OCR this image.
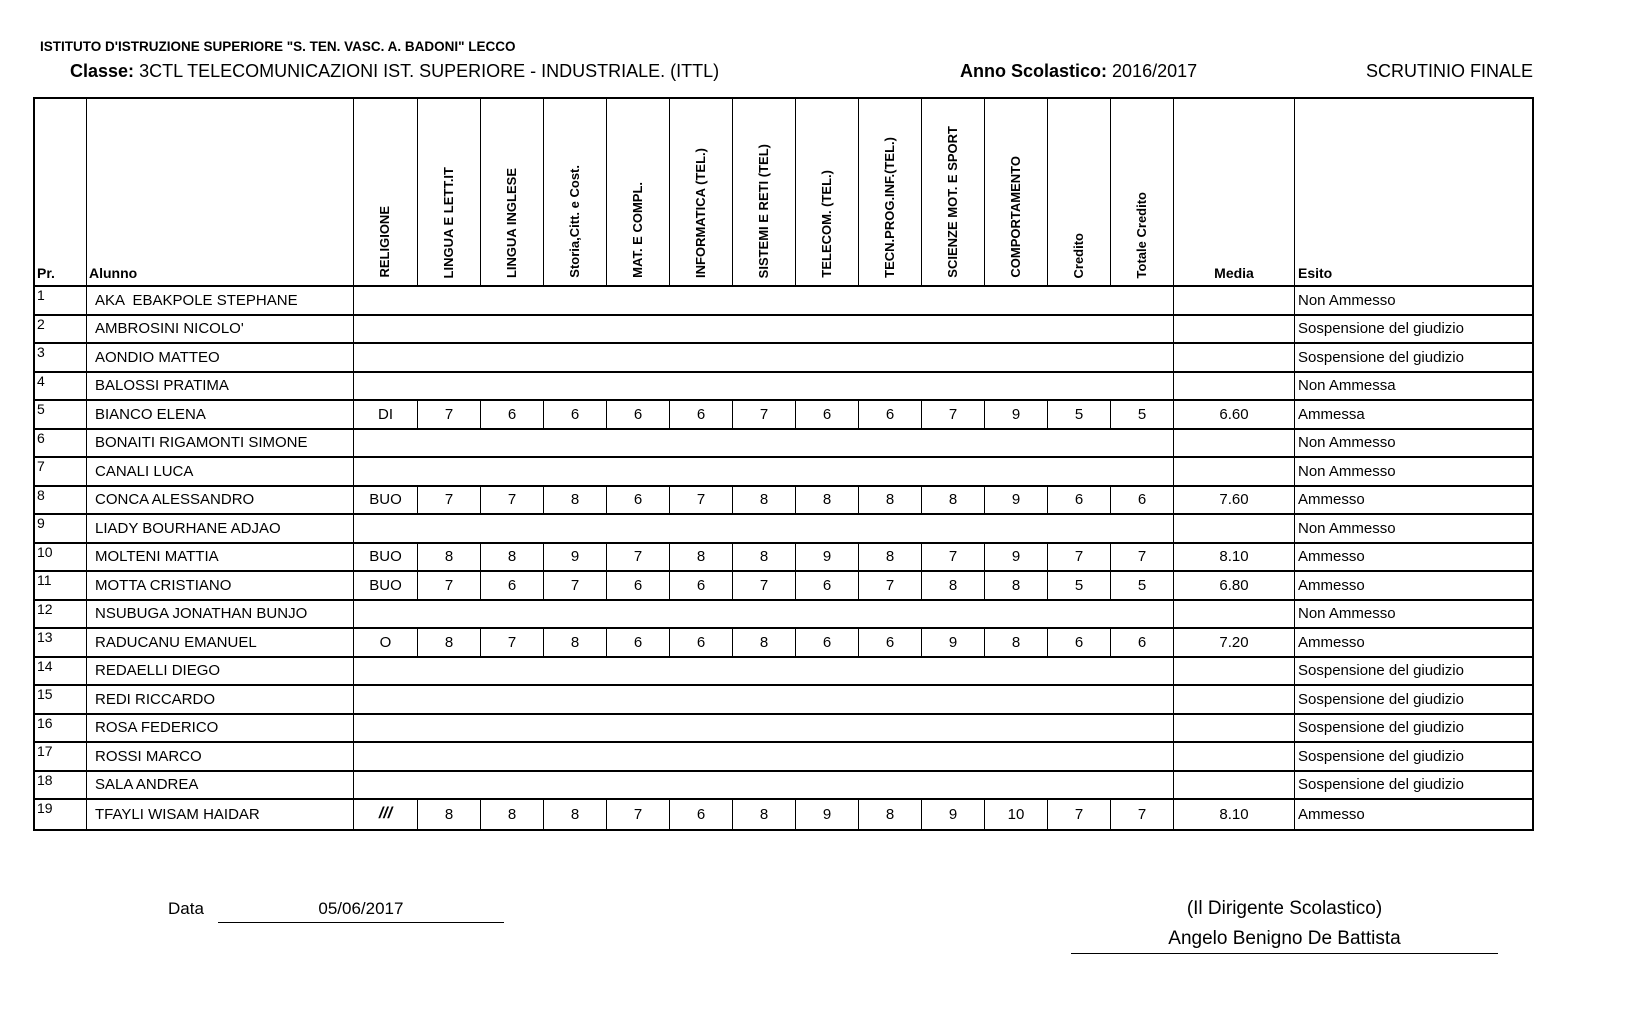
ISTITUTO D'ISTRUZIONE SUPERIORE "S. TEN. VASC. A. BADONI" LECCO
Classe: 3CTL TELECOMUNICAZIONI IST. SUPERIORE - INDUSTRIALE. (ITTL)	Anno Scolastico: 2016/2017	SCRUTINIO FINALE
Pr.	Alunno	RELIGIONE	LINGUA E LETT.IT	LINGUA INGLESE	Storia,Citt. e Cost.	MAT. E COMPL.	INFORMATICA (TEL.)	SISTEMI E RETI (TEL)	TELECOM. (TEL.)	TECN.PROG.INF.(TEL.)	SCIENZE MOT. E SPORT	COMPORTAMENTO	Credito	Totale Credito	Media	Esito
1	AKA  EBAKPOLE STEPHANE															Non Ammesso
2	AMBROSINI NICOLO'															Sospensione del giudizio
3	AONDIO MATTEO															Sospensione del giudizio
4	BALOSSI PRATIMA															Non Ammessa
5	BIANCO ELENA	DI	7	6	6	6	6	7	6	6	7	9	5	5	6.60	Ammessa
6	BONAITI RIGAMONTI SIMONE															Non Ammesso
7	CANALI LUCA															Non Ammesso
8	CONCA ALESSANDRO	BUO	7	7	8	6	7	8	8	8	8	9	6	6	7.60	Ammesso
9	LIADY BOURHANE ADJAO															Non Ammesso
10	MOLTENI MATTIA	BUO	8	8	9	7	8	8	9	8	7	9	7	7	8.10	Ammesso
11	MOTTA CRISTIANO	BUO	7	6	7	6	6	7	6	7	8	8	5	5	6.80	Ammesso
12	NSUBUGA JONATHAN BUNJO															Non Ammesso
13	RADUCANU EMANUEL	O	8	7	8	6	6	8	6	6	9	8	6	6	7.20	Ammesso
14	REDAELLI DIEGO															Sospensione del giudizio
15	REDI RICCARDO															Sospensione del giudizio
16	ROSA FEDERICO															Sospensione del giudizio
17	ROSSI MARCO															Sospensione del giudizio
18	SALA ANDREA															Sospensione del giudizio
19	TFAYLI WISAM HAIDAR	///	8	8	8	7	6	8	9	8	9	10	7	7	8.10	Ammesso
Data	05/06/2017	(Il Dirigente Scolastico)
Angelo Benigno De Battista
